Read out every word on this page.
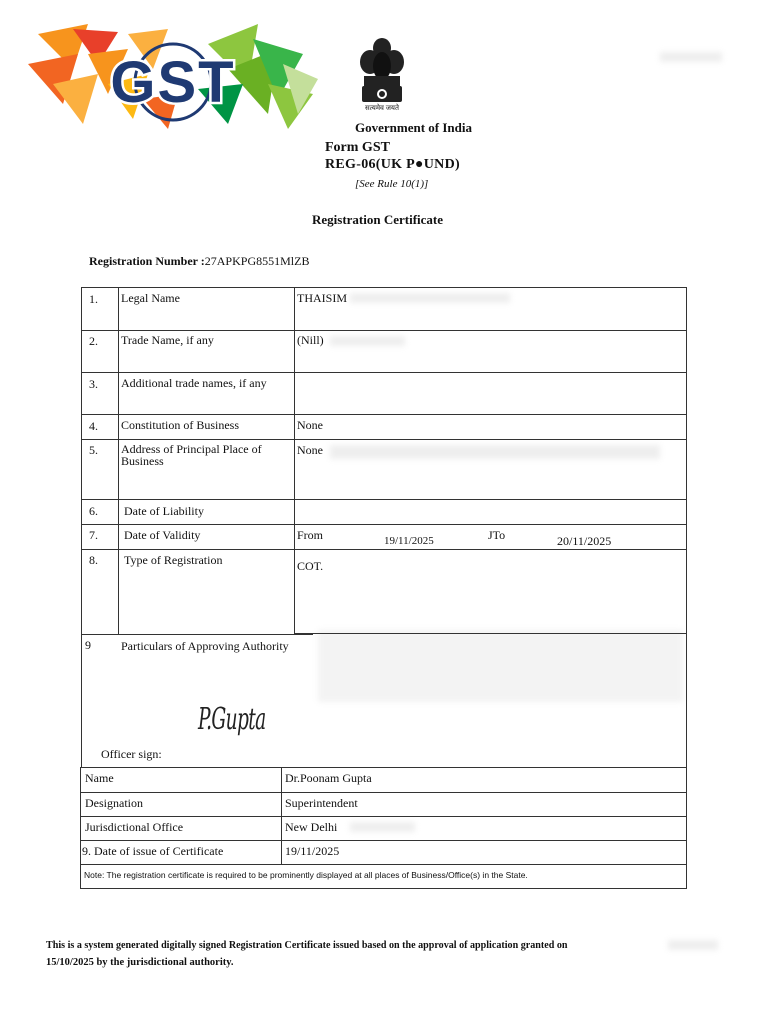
GST	सत्यमेव जयते
Government of India
Form GST
REG-06(UK P●UND)
[See Rule 10(1)]
Registration Certificate
Registration Number :27APKPG8551MlZB
1. Legal Name	THAISIM
2. Trade Name, if any	(Nill)
3. Additional trade names, if any
4. Constitution of Business	None
5. Address of Principal Place of Business
None
6. Date of Liability
7. Date of Validity	From	19/11/2025	JTo	20/11/2025
8. Type of Registration	COT.
9	Particulars of Approving Authority
P.Gupta
Officer sign:
Name	Dr.Poonam Gupta
Designation	Superintendent
Jurisdictional Office	New Delhi
9. Date of issue of Certificate	19/11/2025
Note: The registration certificate is required to be prominently displayed at all places of Business/Office(s) in the State.
This is a system generated digitally signed Registration Certificate issued based on the approval of application granted on
15/10/2025 by the jurisdictional authority.
